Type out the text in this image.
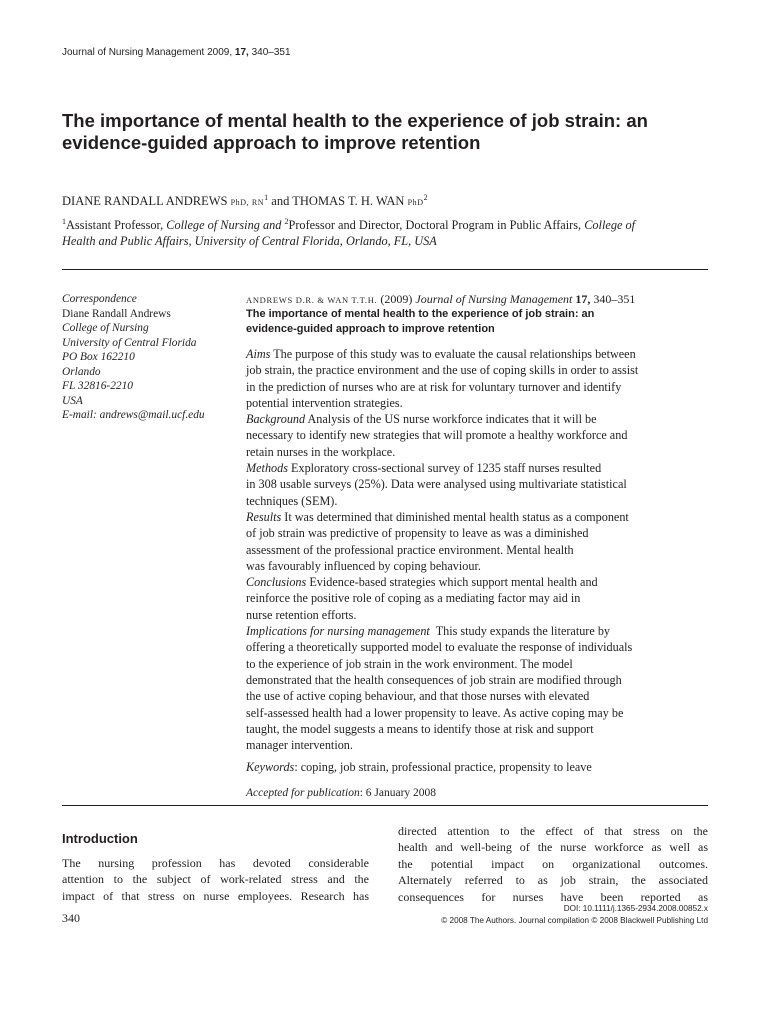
Journal of Nursing Management 2009, 17, 340–351
The importance of mental health to the experience of job strain: an
evidence-guided approach to improve retention
DIANE RANDALL ANDREWS PhD, $RN^1$ and THOMAS T. H. WAN PhD$^2$
$^1$Assistant Professor, College of Nursing and $^2$Professor and Director, Doctoral Program in Public Affairs, College of
Health and Public Affairs, University of Central Florida, Orlando, FL, USA
Correspondence
Diane Randall Andrews
College of Nursing
University of Central Florida
PO Box 162210
Orlando
FL 32816-2210
USA
E-mail: andrews@mail.ucf.edu
ANDREWS D.R. & WAN T.T.H. (2009) Journal of Nursing Management 17, 340–351
The importance of mental health to the experience of job strain: an
evidence-guided approach to improve retention
Aims The purpose of this study was to evaluate the causal relationships between
job strain, the practice environment and the use of coping skills in order to assist
in the prediction of nurses who are at risk for voluntary turnover and identify
potential intervention strategies.
Background Analysis of the US nurse workforce indicates that it will be
necessary to identify new strategies that will promote a healthy workforce and
retain nurses in the workplace.
Methods Exploratory cross-sectional survey of 1235 staff nurses resulted
in 308 usable surveys (25%). Data were analysed using multivariate statistical
techniques (SEM).
Results It was determined that diminished mental health status as a component
of job strain was predictive of propensity to leave as was a diminished
assessment of the professional practice environment. Mental health
was favourably influenced by coping behaviour.
Conclusions Evidence-based strategies which support mental health and
reinforce the positive role of coping as a mediating factor may aid in
nurse retention efforts.
Implications for nursing management This study expands the literature by
offering a theoretically supported model to evaluate the response of individuals
to the experience of job strain in the work environment. The model
demonstrated that the health consequences of job strain are modified through
the use of active coping behaviour, and that those nurses with elevated
self-assessed health had a lower propensity to leave. As active coping may be
taught, the model suggests a means to identify those at risk and support
manager intervention.
Keywords: coping, job strain, professional practice, propensity to leave
Accepted for publication: 6 January 2008
Introduction
The nursing profession has devoted considerable
attention to the subject of work-related stress and the
impact of that stress on nurse employees. Research has
directed attention to the effect of that stress on the
health and well-being of the nurse workforce as well as
the potential impact on organizational outcomes.
Alternately referred to as job strain, the associated
consequences for nurses have been reported as
340
DOI: 10.1111/j.1365-2934.2008.00852.x
© 2008 The Authors. Journal compilation © 2008 Blackwell Publishing Ltd
